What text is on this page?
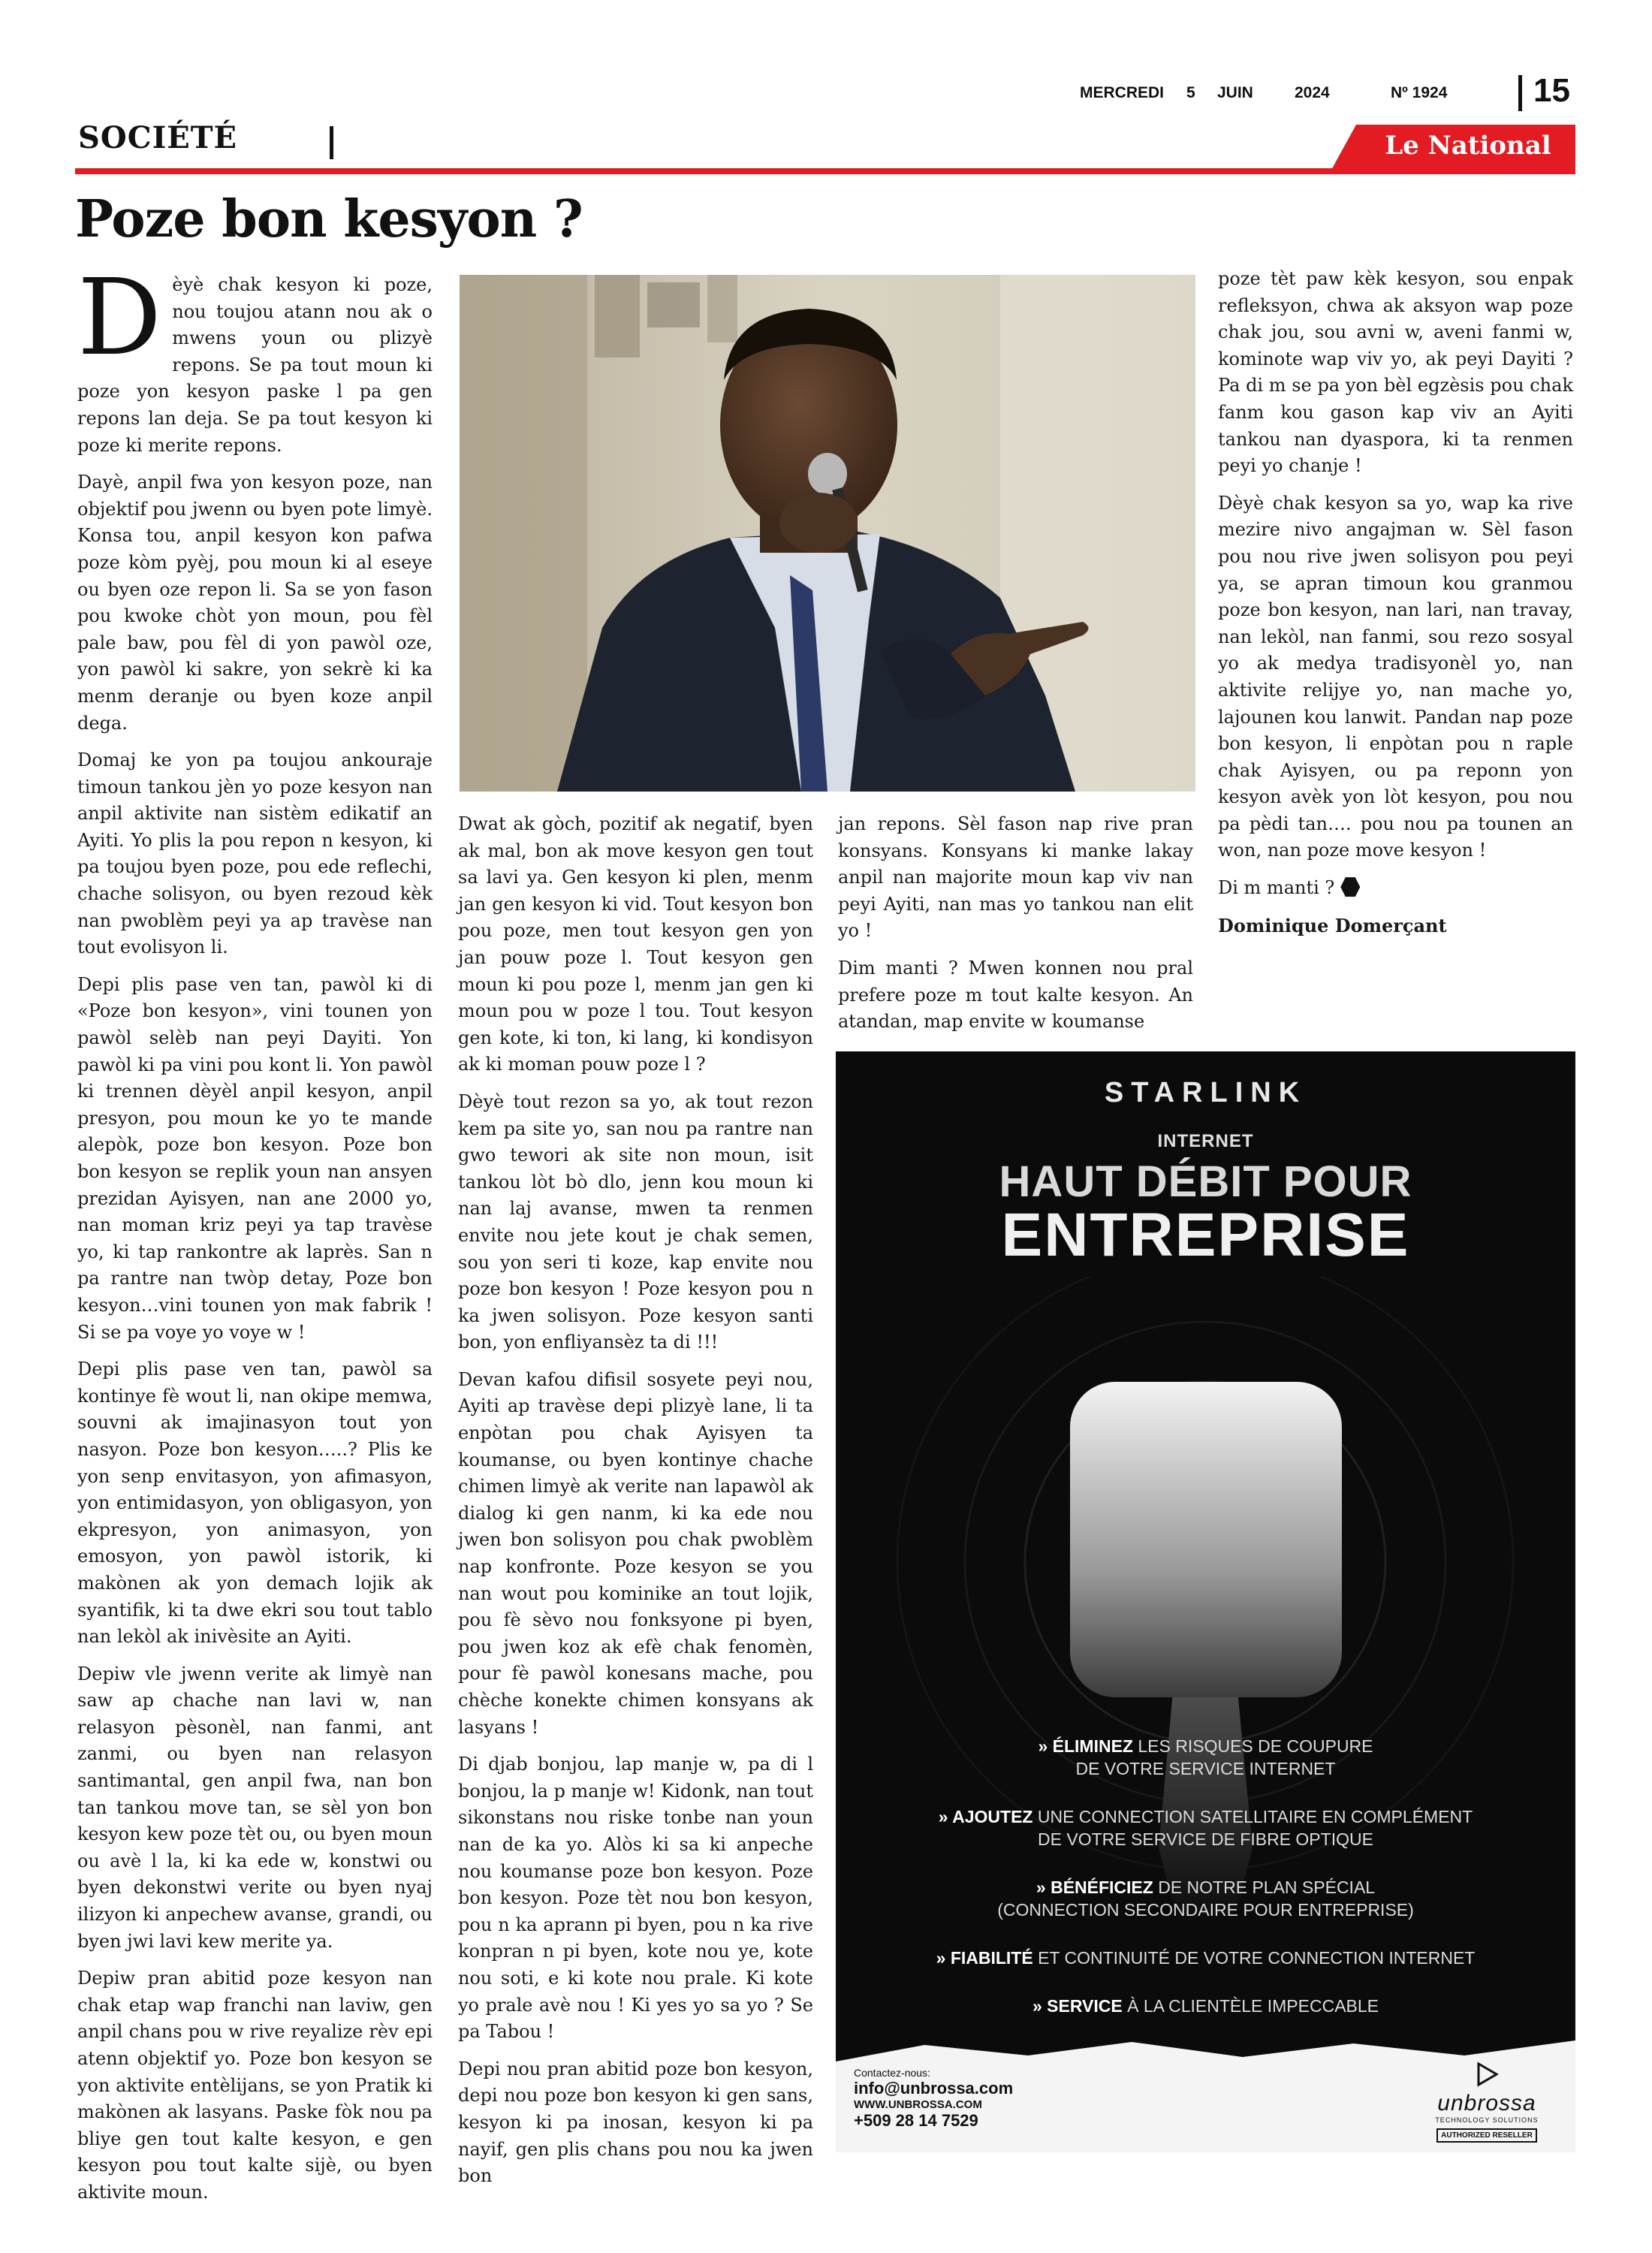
MERCREDI 5 JUIN	2024	Nº 1924	15
SOCIÉTÉ	Le National
Poze bon kesyon ?

Dèyè chak kesyon ki poze, nou toujou atann nou ak o mwens youn ou plizyè repons. Se pa tout moun ki poze yon kesyon paske l pa gen repons lan deja. Se pa tout kesyon ki poze ki merite repons.

Dayè, anpil fwa yon kesyon poze, nan objektif pou jwenn ou byen pote limyè. Konsa tou, anpil kesyon kon pafwa poze kòm pyèj, pou moun ki al eseye ou byen oze repon li. Sa se yon fason pou kwoke chòt yon moun, pou fèl pale baw, pou fèl di yon pawòl oze, yon pawòl ki sakre, yon sekrè ki ka menm deranje ou byen koze anpil dega.

Domaj ke yon pa toujou ankouraje timoun tankou jèn yo poze kesyon nan anpil aktivite nan sistèm edikatif an Ayiti. Yo plis la pou repon n kesyon, ki pa toujou byen poze, pou ede reflechi, chache solisyon, ou byen rezoud kèk nan pwoblèm peyi ya ap travèse nan tout evolisyon li.

Depi plis pase ven tan, pawòl ki di «Poze bon kesyon», vini tounen yon pawòl selèb nan peyi Dayiti. Yon pawòl ki pa vini pou kont li. Yon pawòl ki trennen dèyèl anpil kesyon, anpil presyon, pou moun ke yo te mande alepòk, poze bon kesyon. Poze bon bon kesyon se replik youn nan ansyen prezidan Ayisyen, nan ane 2000 yo, nan moman kriz peyi ya tap travèse yo, ki tap rankontre ak laprès. San n pa rantre nan twòp detay, Poze bon kesyon…vini tounen yon mak fabrik ! Si se pa voye yo voye w !

Depi plis pase ven tan, pawòl sa kontinye fè wout li, nan okipe memwa, souvni ak imajinasyon tout yon nasyon. Poze bon kesyon…..? Plis ke yon senp envitasyon, yon afimasyon, yon entimidasyon, yon obligasyon, yon ekpresyon, yon animasyon, yon emosyon, yon pawòl istorik, ki makònen ak yon demach lojik ak syantifik, ki ta dwe ekri sou tout tablo nan lekòl ak inivèsite an Ayiti.

Depiw vle jwenn verite ak limyè nan saw ap chache nan lavi w, nan relasyon pèsonèl, nan fanmi, ant zanmi, ou byen nan relasyon santimantal, gen anpil fwa, nan bon tan tankou move tan, se sèl yon bon kesyon kew poze tèt ou, ou byen moun ou avè l la, ki ka ede w, konstwi ou byen dekonstwi verite ou byen nyaj ilizyon ki anpechew avanse, grandi, ou byen jwi lavi kew merite ya.

Depiw pran abitid poze kesyon nan chak etap wap franchi nan laviw, gen anpil chans pou w rive reyalize rèv epi atenn objektif yo. Poze bon kesyon se yon aktivite entèlijans, se yon Pratik ki makònen ak lasyans. Paske fòk nou pa bliye gen tout kalte kesyon, e gen kesyon pou tout kalte sijè, ou byen aktivite moun.

Dwat ak gòch, pozitif ak negatif, byen ak mal, bon ak move kesyon gen tout sa lavi ya. Gen kesyon ki plen, menm jan gen kesyon ki vid. Tout kesyon bon pou poze, men tout kesyon gen yon jan pouw poze l. Tout kesyon gen moun ki pou poze l, menm jan gen ki moun pou w poze l tou. Tout kesyon gen kote, ki ton, ki lang, ki kondisyon ak ki moman pouw poze l ?

Dèyè tout rezon sa yo, ak tout rezon kem pa site yo, san nou pa rantre nan gwo tewori ak site non moun, isit tankou lòt bò dlo, jenn kou moun ki nan laj avanse, mwen ta renmen envite nou jete kout je chak semen, sou yon seri ti koze, kap envite nou poze bon kesyon ! Poze kesyon pou n ka jwen solisyon. Poze kesyon santi bon, yon enfliyansèz ta di !!!

Devan kafou difisil sosyete peyi nou, Ayiti ap travèse depi plizyè lane, li ta enpòtan pou chak Ayisyen ta koumanse, ou byen kontinye chache chimen limyè ak verite nan lapawòl ak dialog ki gen nanm, ki ka ede nou jwen bon solisyon pou chak pwoblèm nap konfronte. Poze kesyon se you nan wout pou kominike an tout lojik, pou fè sèvo nou fonksyone pi byen, pou jwen koz ak efè chak fenomèn, pour fè pawòl konesans mache, pou chèche konekte chimen konsyans ak lasyans !

Di djab bonjou, lap manje w, pa di l bonjou, la p manje w! Kidonk, nan tout sikonstans nou riske tonbe nan youn nan de ka yo. Alòs ki sa ki anpeche nou koumanse poze bon kesyon. Poze bon kesyon. Poze tèt nou bon kesyon, pou n ka aprann pi byen, pou n ka rive konpran n pi byen, kote nou ye, kote nou soti, e ki kote nou prale. Ki kote yo prale avè nou ! Ki yes yo sa yo ? Se pa Tabou !

Depi nou pran abitid poze bon kesyon, depi nou poze bon kesyon ki gen sans, kesyon ki pa inosan, kesyon ki pa nayif, gen plis chans pou nou ka jwen bon

jan repons. Sèl fason nap rive pran konsyans. Konsyans ki manke lakay anpil nan majorite moun kap viv nan peyi Ayiti, nan mas yo tankou nan elit yo !

Dim manti ? Mwen konnen nou pral prefere poze m tout kalte kesyon. An atandan, map envite w koumanse

poze tèt paw kèk kesyon, sou enpak refleksyon, chwa ak aksyon wap poze chak jou, sou avni w, aveni fanmi w, kominote wap viv yo, ak peyi Dayiti ? Pa di m se pa yon bèl egzèsis pou chak fanm kou gason kap viv an Ayiti tankou nan dyaspora, ki ta renmen peyi yo chanje !

Dèyè chak kesyon sa yo, wap ka rive mezire nivo angajman w. Sèl fason pou nou rive jwen solisyon pou peyi ya, se apran timoun kou granmou poze bon kesyon, nan lari, nan travay, nan lekòl, nan fanmi, sou rezo sosyal yo ak medya tradisyonèl yo, nan aktivite relijye yo, nan mache yo, lajounen kou lanwit. Pandan nap poze bon kesyon, li enpòtan pou n raple chak Ayisyen, ou pa reponn yon kesyon avèk yon lòt kesyon, pou nou pa pèdi tan…. pou nou pa tounen an won, nan poze move kesyon !

Di m manti ?

Dominique Domerçant

STARLINK
INTERNET
HAUT DÉBIT POUR
ENTREPRISE
» ÉLIMINEZ LES RISQUES DE COUPURE
DE VOTRE SERVICE INTERNET
» AJOUTEZ UNE CONNECTION SATELLITAIRE EN COMPLÉMENT
DE VOTRE SERVICE DE FIBRE OPTIQUE
» BÉNÉFICIEZ DE NOTRE PLAN SPÉCIAL
(CONNECTION SECONDAIRE POUR ENTREPRISE)
» FIABILITÉ ET CONTINUITÉ DE VOTRE CONNECTION INTERNET
» SERVICE À LA CLIENTÈLE IMPECCABLE
Contactez-nous:
info@unbrossa.com
WWW.UNBROSSA.COM
+509 28 14 7529
unbrossa
TECHNOLOGY SOLUTIONS
AUTHORIZED RESELLER
